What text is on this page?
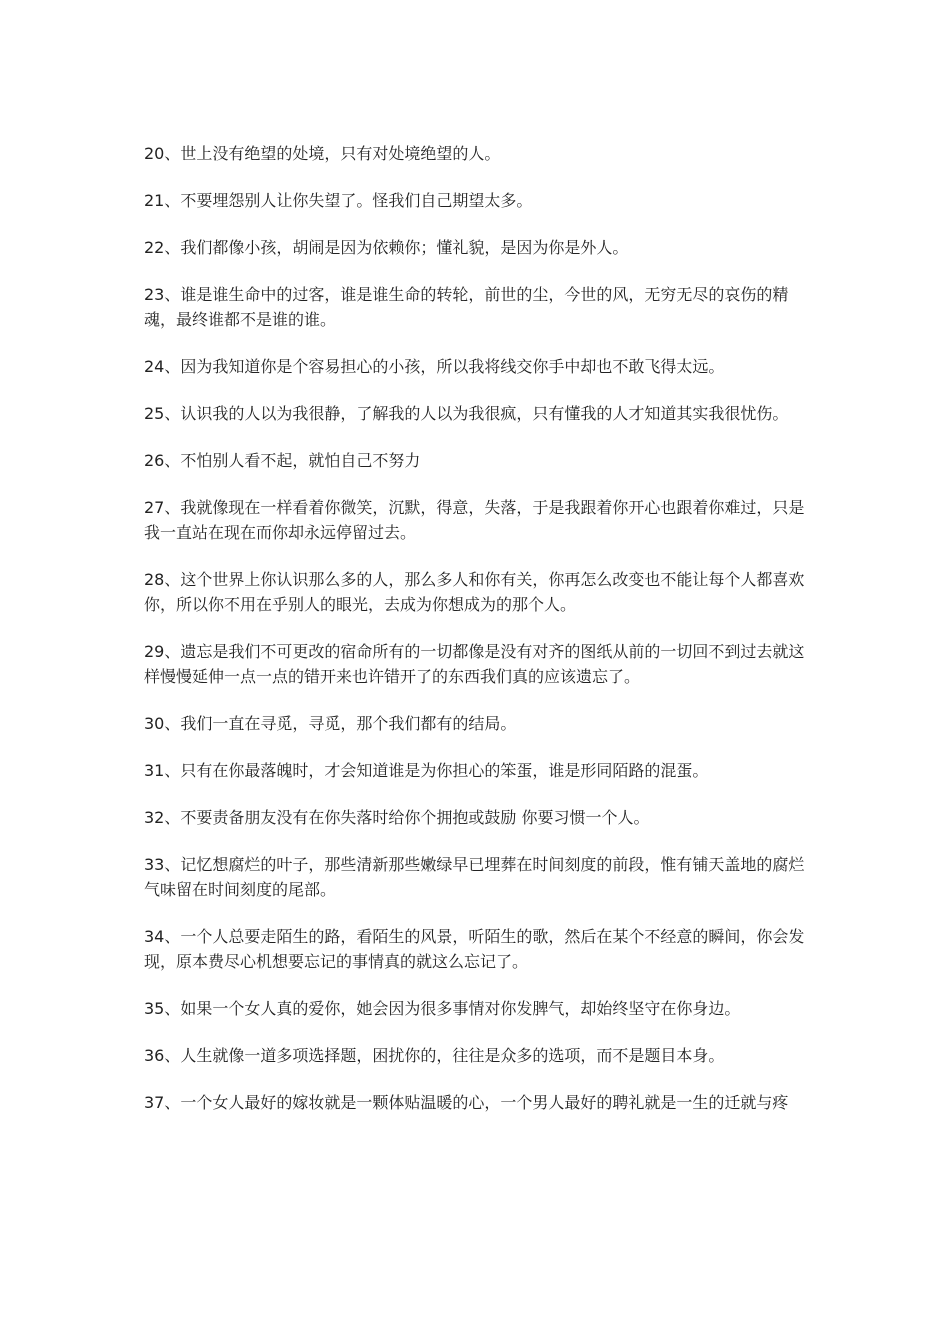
20、世上没有绝望的处境，只有对处境绝望的人。

21、不要埋怨别人让你失望了。怪我们自己期望太多。

22、我们都像小孩，胡闹是因为依赖你；懂礼貌，是因为你是外人。

23、谁是谁生命中的过客，谁是谁生命的转轮，前世的尘，今世的风，无穷无尽的哀伤的精魂，最终谁都不是谁的谁。

24、因为我知道你是个容易担心的小孩，所以我将线交你手中却也不敢飞得太远。

25、认识我的人以为我很静，了解我的人以为我很疯，只有懂我的人才知道其实我很忧伤。

26、不怕别人看不起，就怕自己不努力

27、我就像现在一样看着你微笑，沉默，得意，失落，于是我跟着你开心也跟着你难过，只是我一直站在现在而你却永远停留过去。

28、这个世界上你认识那么多的人，那么多人和你有关，你再怎么改变也不能让每个人都喜欢你，所以你不用在乎别人的眼光，去成为你想成为的那个人。

29、遗忘是我们不可更改的宿命所有的一切都像是没有对齐的图纸从前的一切回不到过去就这样慢慢延伸一点一点的错开来也许错开了的东西我们真的应该遗忘了。

30、我们一直在寻觅，寻觅，那个我们都有的结局。

31、只有在你最落魄时，才会知道谁是为你担心的笨蛋，谁是形同陌路的混蛋。

32、不要责备朋友没有在你失落时给你个拥抱或鼓励 你要习惯一个人。

33、记忆想腐烂的叶子，那些清新那些嫩绿早已埋葬在时间刻度的前段，惟有铺天盖地的腐烂气味留在时间刻度的尾部。

34、一个人总要走陌生的路，看陌生的风景，听陌生的歌，然后在某个不经意的瞬间，你会发现，原本费尽心机想要忘记的事情真的就这么忘记了。

35、如果一个女人真的爱你，她会因为很多事情对你发脾气，却始终坚守在你身边。

36、人生就像一道多项选择题，困扰你的，往往是众多的选项，而不是题目本身。

37、一个女人最好的嫁妆就是一颗体贴温暖的心，一个男人最好的聘礼就是一生的迁就与疼
